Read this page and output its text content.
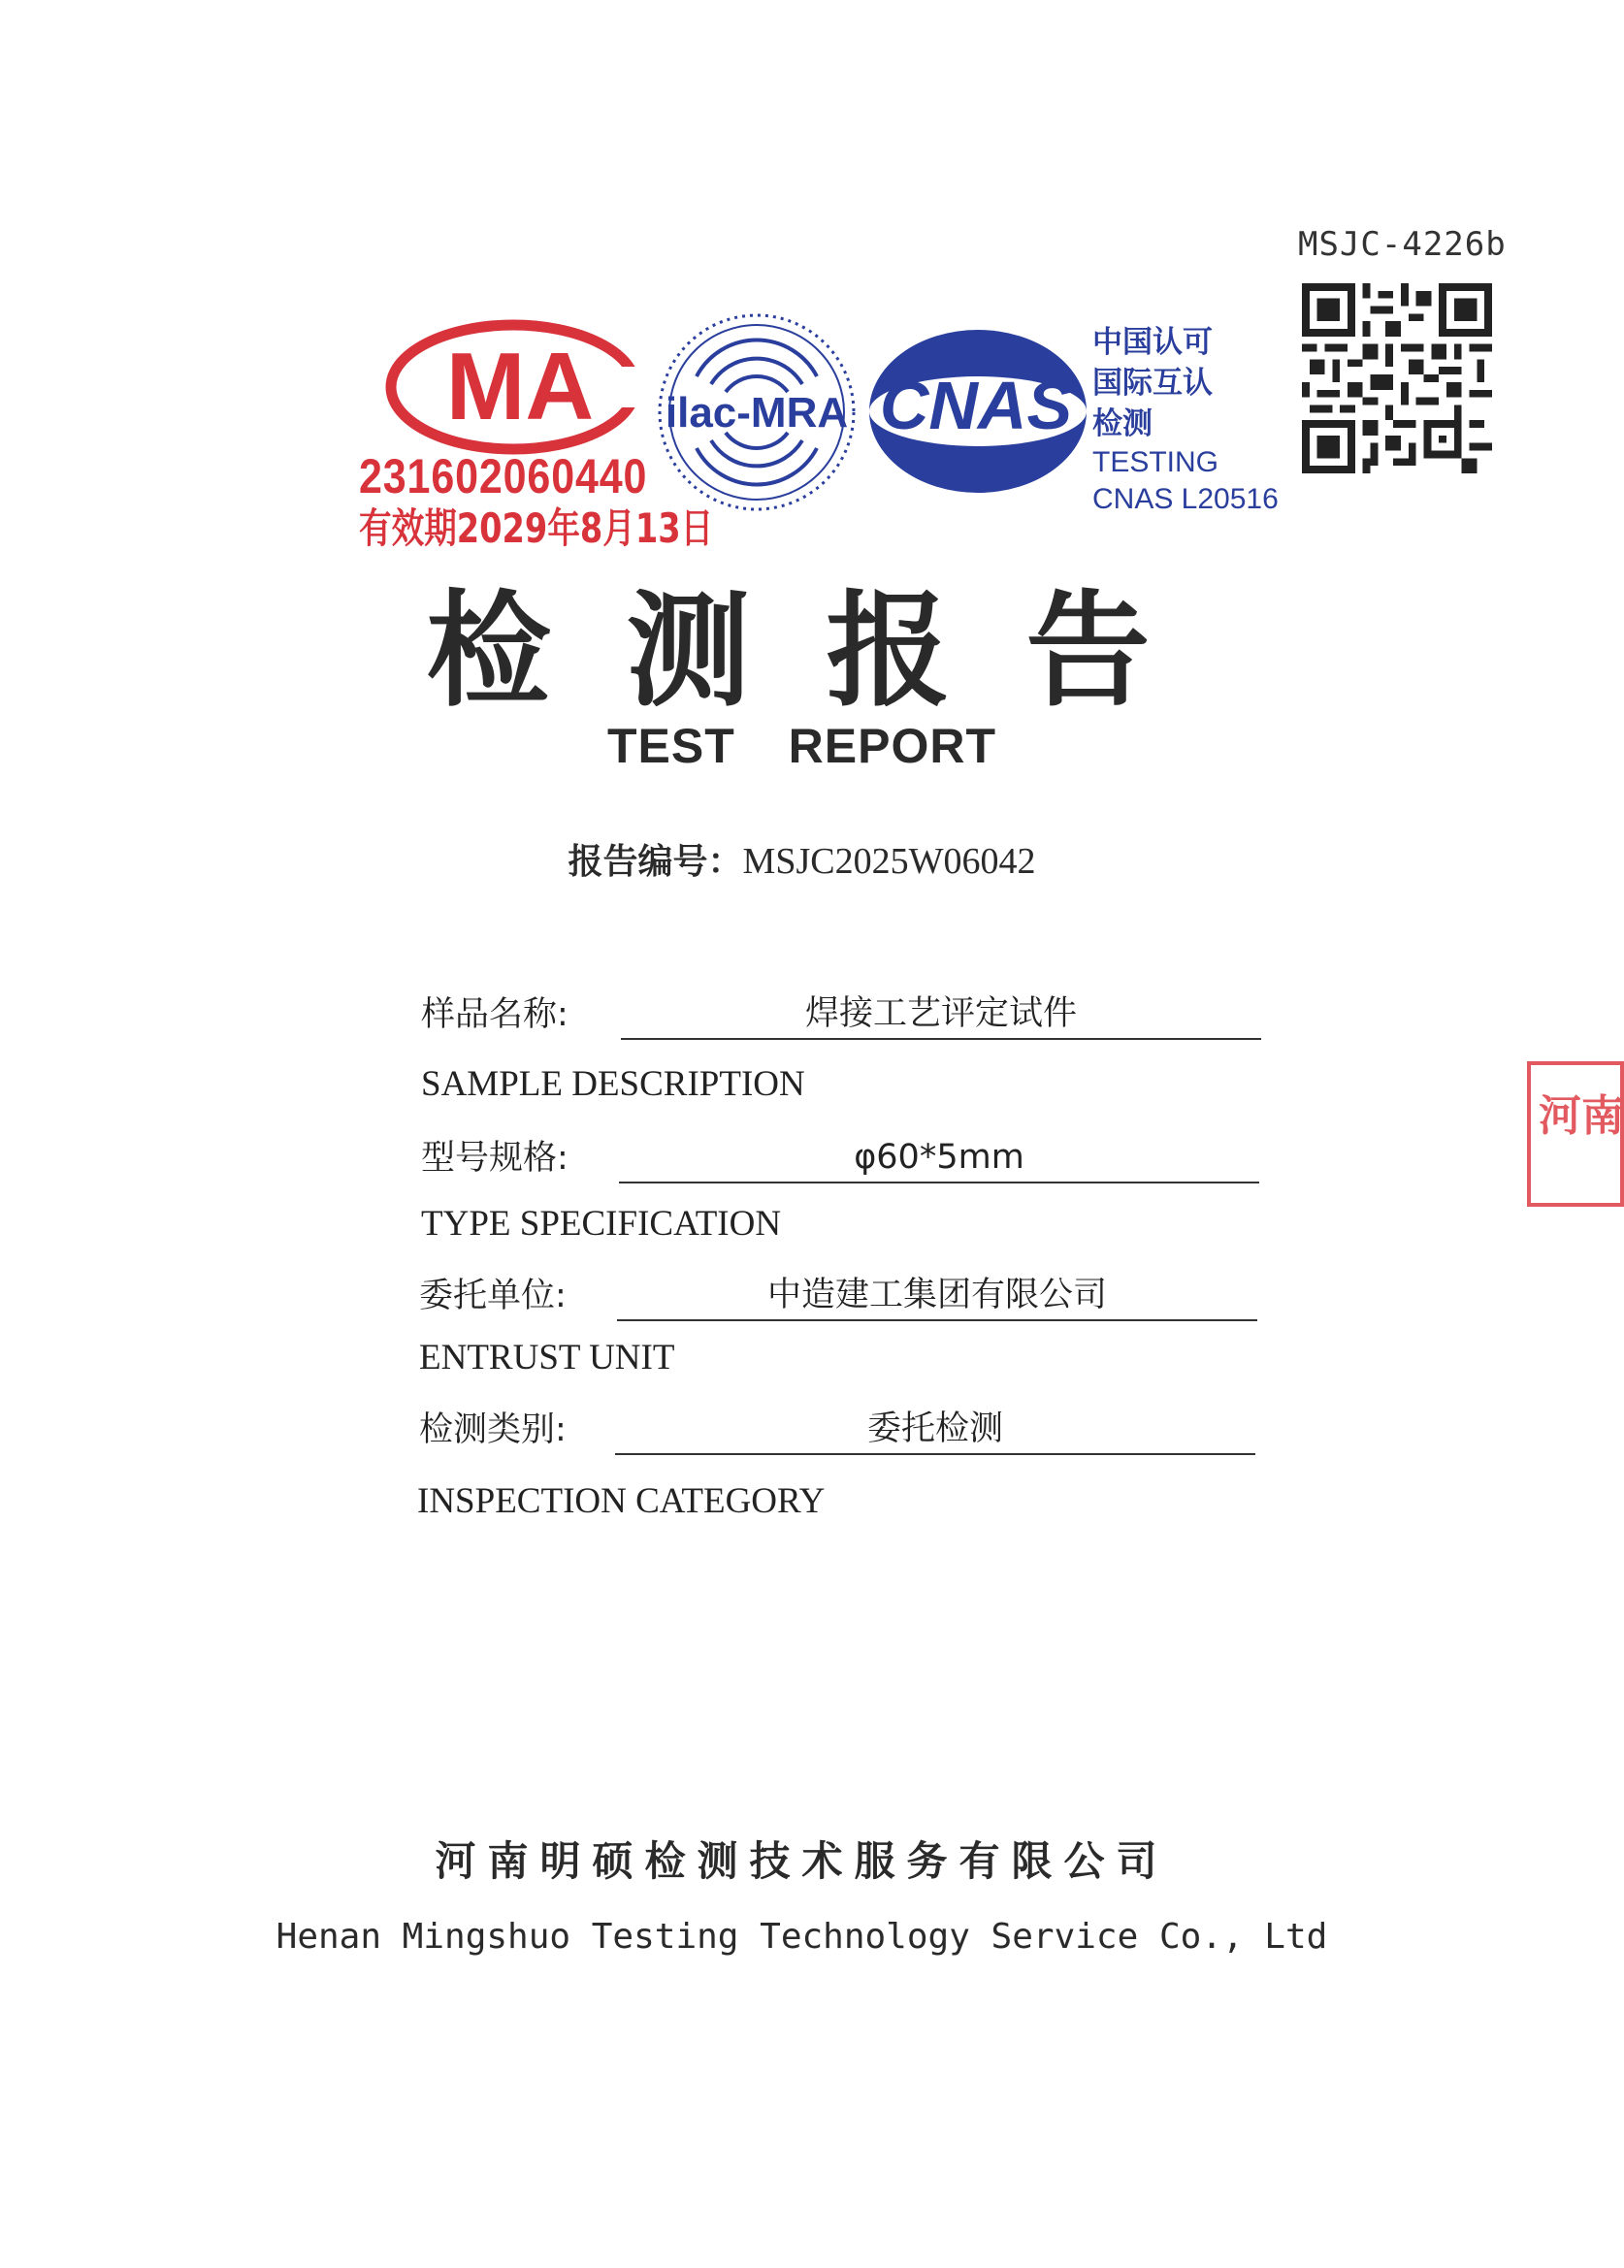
MSJC-4226b
MA
231602060440
有效期2029年8月13日
ilac-MRA CNAS
中国认可
国际互认
检测
TESTING
CNAS L20516
检测报告
TEST REPORT
报告编号：MSJC2025W06042
样品名称:	焊接工艺评定试件
SAMPLE DESCRIPTION
型号规格:	φ60*5mm
TYPE SPECIFICATION
委托单位:	中造建工集团有限公司
ENTRUST UNIT
检测类别:	委托检测
INSPECTION CATEGORY
河南
河南明硕检测技术服务有限公司
Henan Mingshuo Testing Technology Service Co., Ltd
